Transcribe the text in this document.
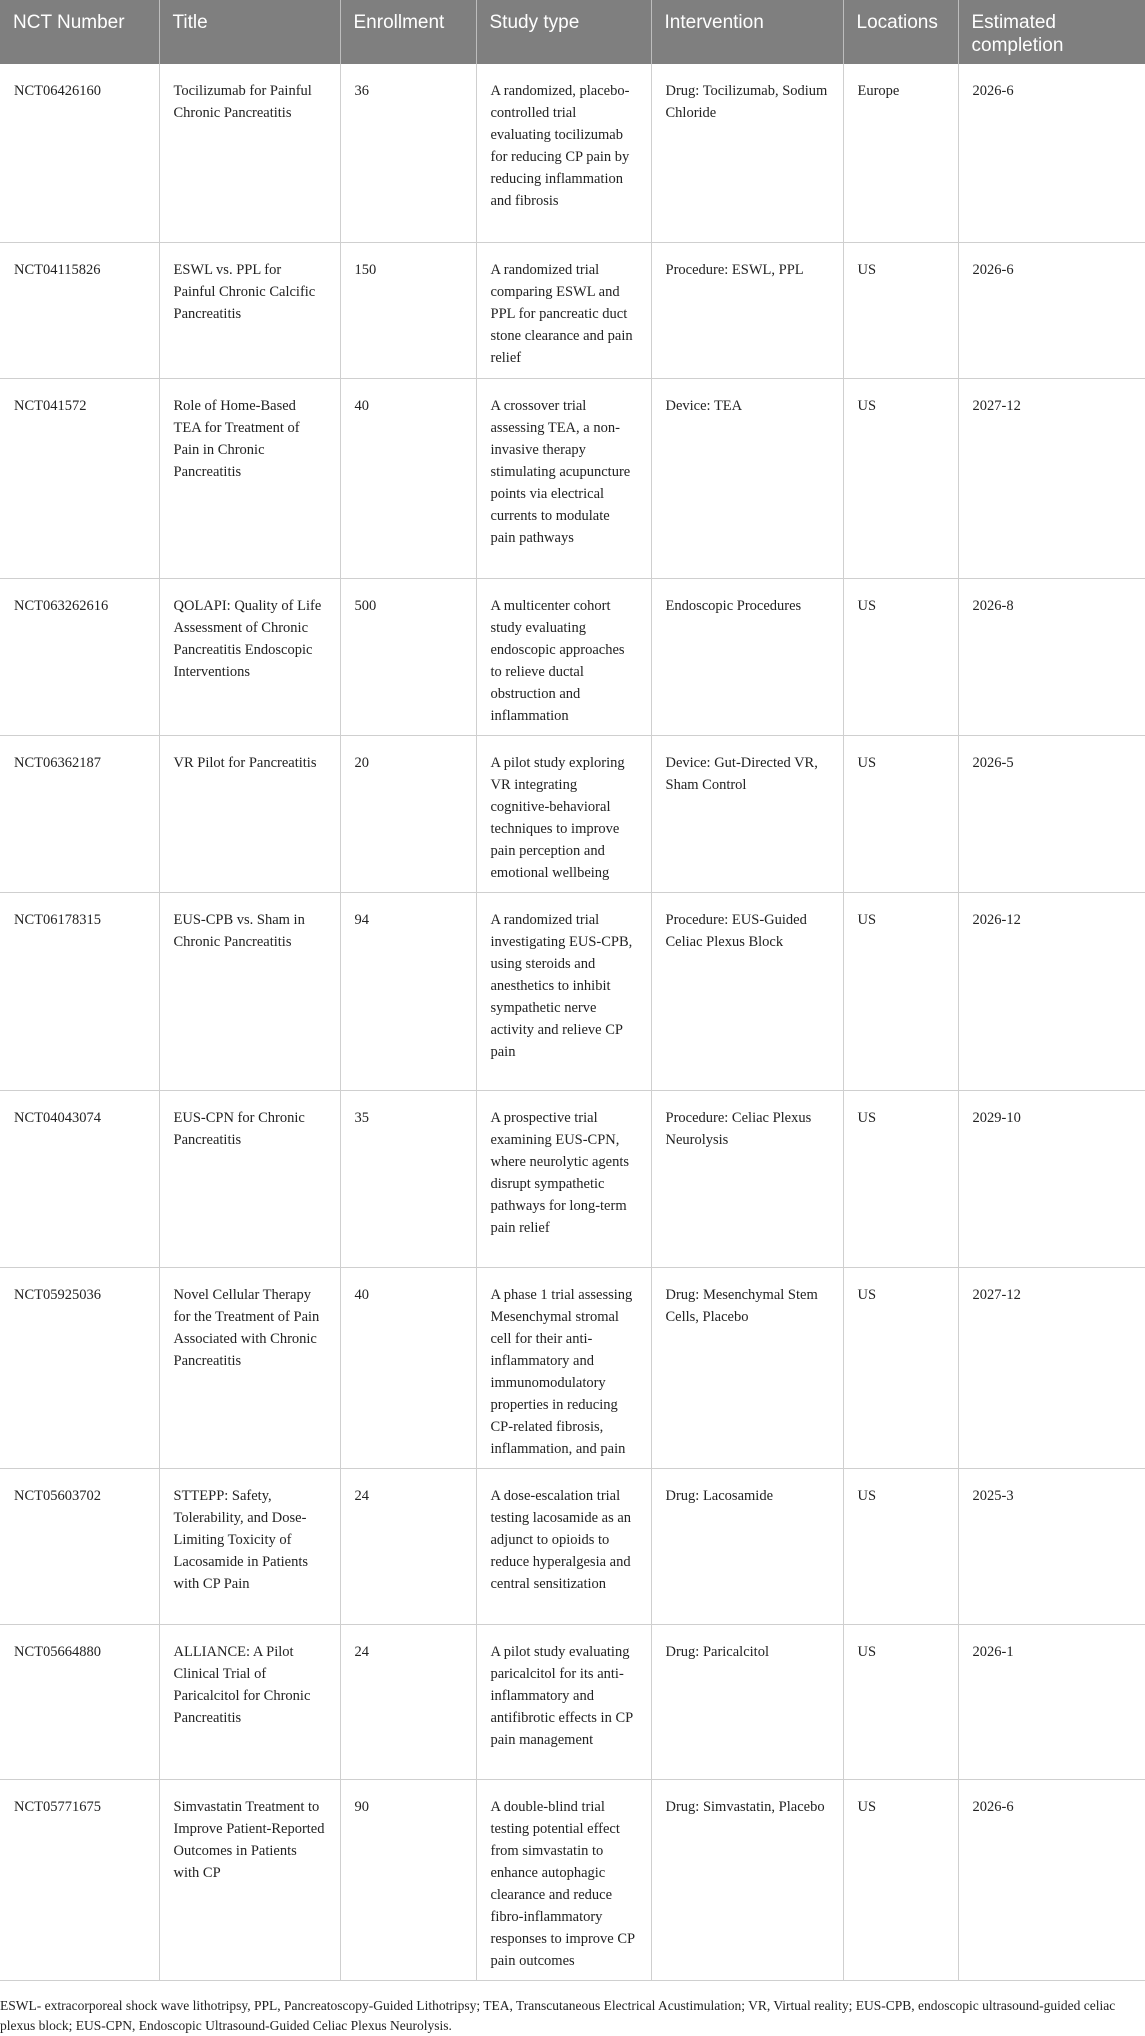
NCT Number	Title	Enrollment	Study type	Intervention	Locations	Estimated completion
NCT06426160	Tocilizumab for Painful Chronic Pancreatitis	36	A randomized, placebo-controlled trial evaluating tocilizumab for reducing CP pain by reducing inflammation and fibrosis	Drug: Tocilizumab, Sodium Chloride	Europe	2026-6
NCT04115826	ESWL vs. PPL for Painful Chronic Calcific Pancreatitis	150	A randomized trial comparing ESWL and PPL for pancreatic duct stone clearance and pain relief	Procedure: ESWL, PPL	US	2026-6
NCT041572	Role of Home-Based TEA for Treatment of Pain in Chronic Pancreatitis	40	A crossover trial assessing TEA, a non-invasive therapy stimulating acupuncture points via electrical currents to modulate pain pathways	Device: TEA	US	2027-12
NCT063262616	QOLAPI: Quality of Life Assessment of Chronic Pancreatitis Endoscopic Interventions	500	A multicenter cohort study evaluating endoscopic approaches to relieve ductal obstruction and inflammation	Endoscopic Procedures	US	2026-8
NCT06362187	VR Pilot for Pancreatitis	20	A pilot study exploring VR integrating cognitive-behavioral techniques to improve pain perception and emotional wellbeing	Device: Gut-Directed VR, Sham Control	US	2026-5
NCT06178315	EUS-CPB vs. Sham in Chronic Pancreatitis	94	A randomized trial investigating EUS-CPB, using steroids and anesthetics to inhibit sympathetic nerve activity and relieve CP pain	Procedure: EUS-Guided Celiac Plexus Block	US	2026-12
NCT04043074	EUS-CPN for Chronic Pancreatitis	35	A prospective trial examining EUS-CPN, where neurolytic agents disrupt sympathetic pathways for long-term pain relief	Procedure: Celiac Plexus Neurolysis	US	2029-10
NCT05925036	Novel Cellular Therapy for the Treatment of Pain Associated with Chronic Pancreatitis	40	A phase 1 trial assessing Mesenchymal stromal cell for their anti-inflammatory and immunomodulatory properties in reducing CP-related fibrosis, inflammation, and pain	Drug: Mesenchymal Stem Cells, Placebo	US	2027-12
NCT05603702	STTEPP: Safety, Tolerability, and Dose-Limiting Toxicity of Lacosamide in Patients with CP Pain	24	A dose-escalation trial testing lacosamide as an adjunct to opioids to reduce hyperalgesia and central sensitization	Drug: Lacosamide	US	2025-3
NCT05664880	ALLIANCE: A Pilot Clinical Trial of Paricalcitol for Chronic Pancreatitis	24	A pilot study evaluating paricalcitol for its anti-inflammatory and antifibrotic effects in CP pain management	Drug: Paricalcitol	US	2026-1
NCT05771675	Simvastatin Treatment to Improve Patient-Reported Outcomes in Patients with CP	90	A double-blind trial testing potential effect from simvastatin to enhance autophagic clearance and reduce fibro-inflammatory responses to improve CP pain outcomes	Drug: Simvastatin, Placebo	US	2026-6

ESWL- extracorporeal shock wave lithotripsy, PPL, Pancreatoscopy-Guided Lithotripsy; TEA, Transcutaneous Electrical Acustimulation; VR, Virtual reality; EUS-CPB, endoscopic ultrasound-guided celiac plexus block; EUS-CPN, Endoscopic Ultrasound-Guided Celiac Plexus Neurolysis.
